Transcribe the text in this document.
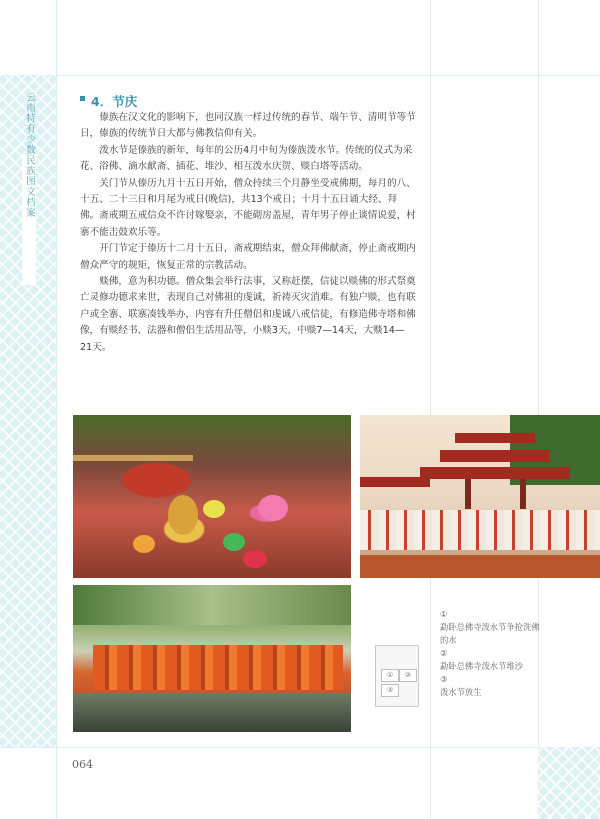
云南特有少数民族图文档案	4．节庆

傣族在汉文化的影响下，也同汉族一样过传统的春节、端午节、清明节等节日，傣族的传统节日大都与佛教信仰有关。

泼水节是傣族的新年，每年的公历4月中旬为傣族泼水节。传统的仪式为采花、浴佛、滴水献斋、插花、堆沙、相互泼水庆贺、赕白塔等活动。

关门节从傣历九月十五日开始，僧众持续三个月静坐受戒佛期，每月的八、十五、二十三日和月尾为戒日(晚信)，共13个戒日；十月十五日诵大经、拜佛。斋戒期五戒信众不许讨嫁娶亲，不能砌房盖屋，青年男子停止谈情说爱，村寨不能击鼓欢乐等。

开门节定于傣历十二月十五日，斋戒期结束，僧众拜佛献斋，停止斋戒期内僧众严守的规矩，恢复正常的宗教活动。

赕佛，意为积功德。僧众集会举行法事，又称赶摆，信徒以赕佛的形式祭奠亡灵修功德求来世，表现自己对佛祖的虔诚，祈祷灭灾消难。有独户赕，也有联户或全寨、联寨凑钱举办，内容有升任僧侣和虔诚八戒信徒，有修造佛寺塔和佛像，有赕经书、法器和僧侣生活用品等，小赕3天，中赕7—14天，大赕14—21天。

①	②
③
①
勐卧总佛寺泼水节争抢洗佛的水
②
勐卧总佛寺泼水节堆沙
③
泼水节放生
064
